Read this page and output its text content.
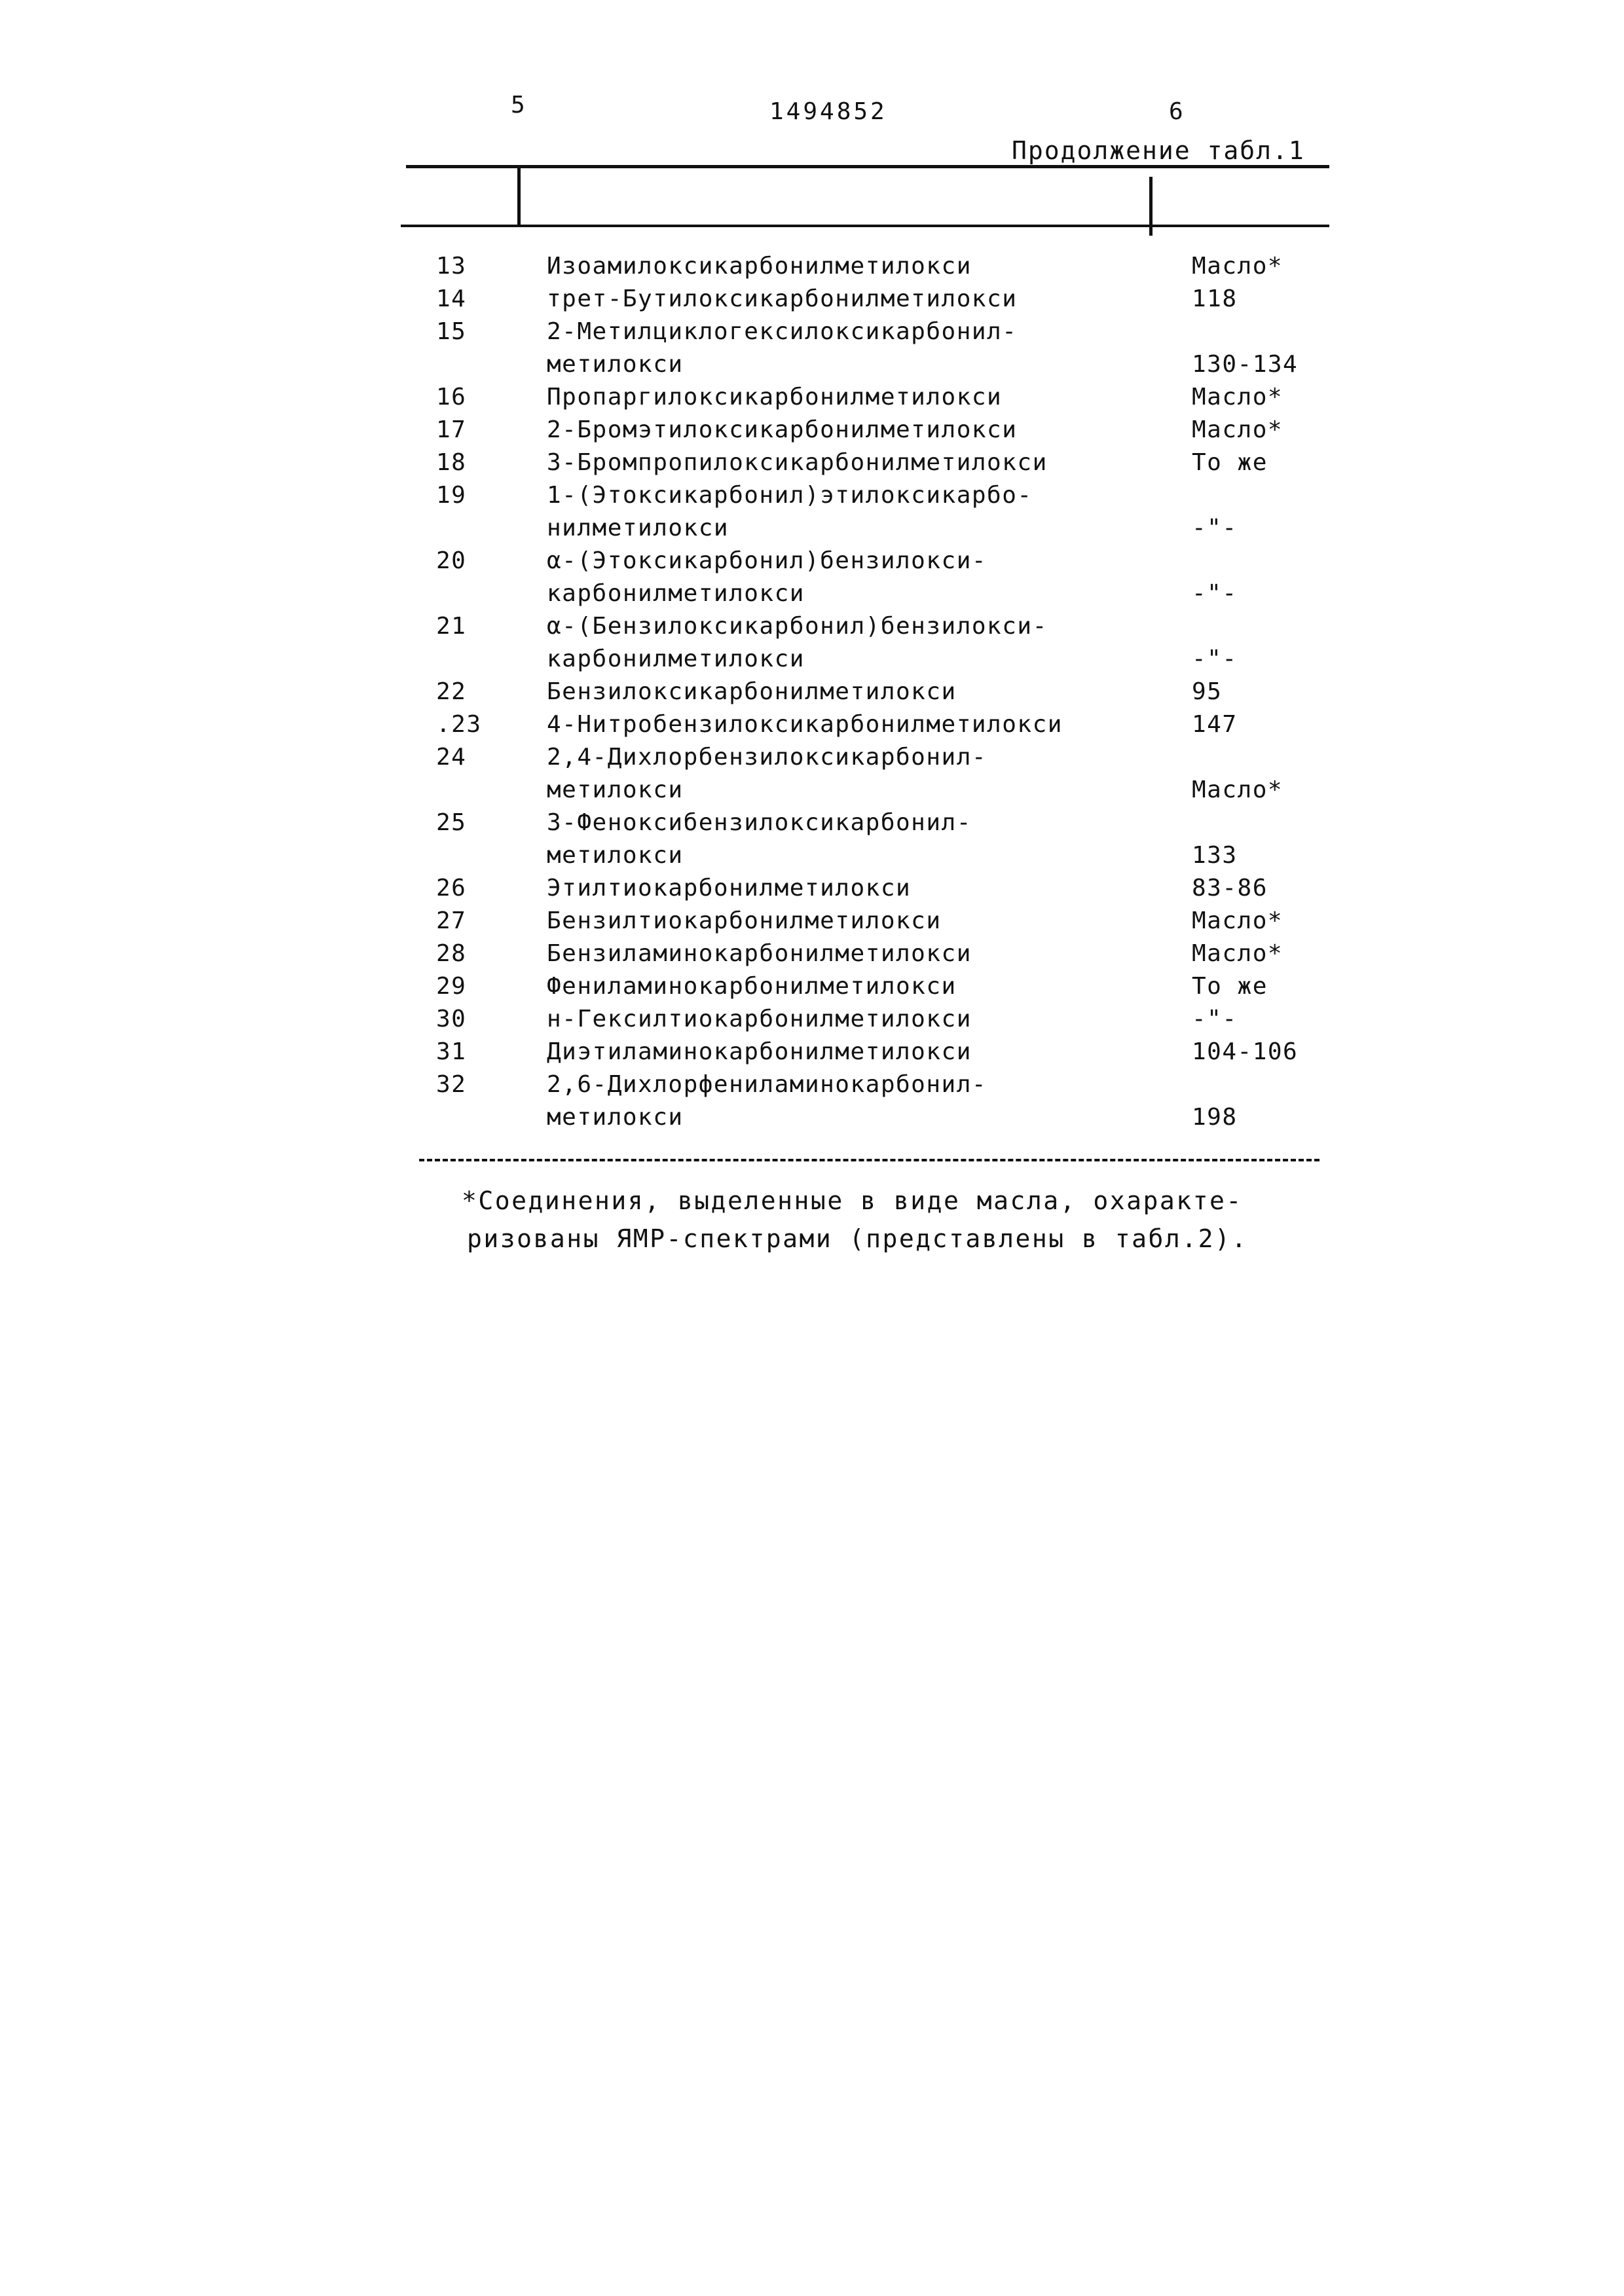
5	1494852	6
Продолжение табл.1
13	Изоамилоксикарбонилметилокси	Масло*
14	трет-Бутилоксикарбонилметилокси	118
15	2-Метилциклогексилоксикарбонил-
метилокси	130-134
16	Пропаргилоксикарбонилметилокси	Масло*
17	2-Бромэтилоксикарбонилметилокси	Масло*
18	3-Бромпропилоксикарбонилметилокси	То же
19	1-(Этоксикарбонил)этилоксикарбо-
нилметилокси	-"-
20	α-(Этоксикарбонил)бензилокси-
карбонилметилокси	-"-
21	α-(Бензилоксикарбонил)бензилокси-
карбонилметилокси	-"-
22	Бензилоксикарбонилметилокси	95
.23	4-Нитробензилоксикарбонилметилокси	147
24	2,4-Дихлорбензилоксикарбонил-
метилокси	Масло*
25	3-Феноксибензилоксикарбонил-
метилокси	133
26	Этилтиокарбонилметилокси	83-86
27	Бензилтиокарбонилметилокси	Масло*
28	Бензиламинокарбонилметилокси	Масло*
29	Фениламинокарбонилметилокси	То же
30	н-Гексилтиокарбонилметилокси	-"-
31	Диэтиламинокарбонилметилокси	104-106
32	2,6-Дихлорфениламинокарбонил-
метилокси	198
*Соединения, выделенные в виде масла, охаракте-
ризованы ЯМР-спектрами (представлены в табл.2).
